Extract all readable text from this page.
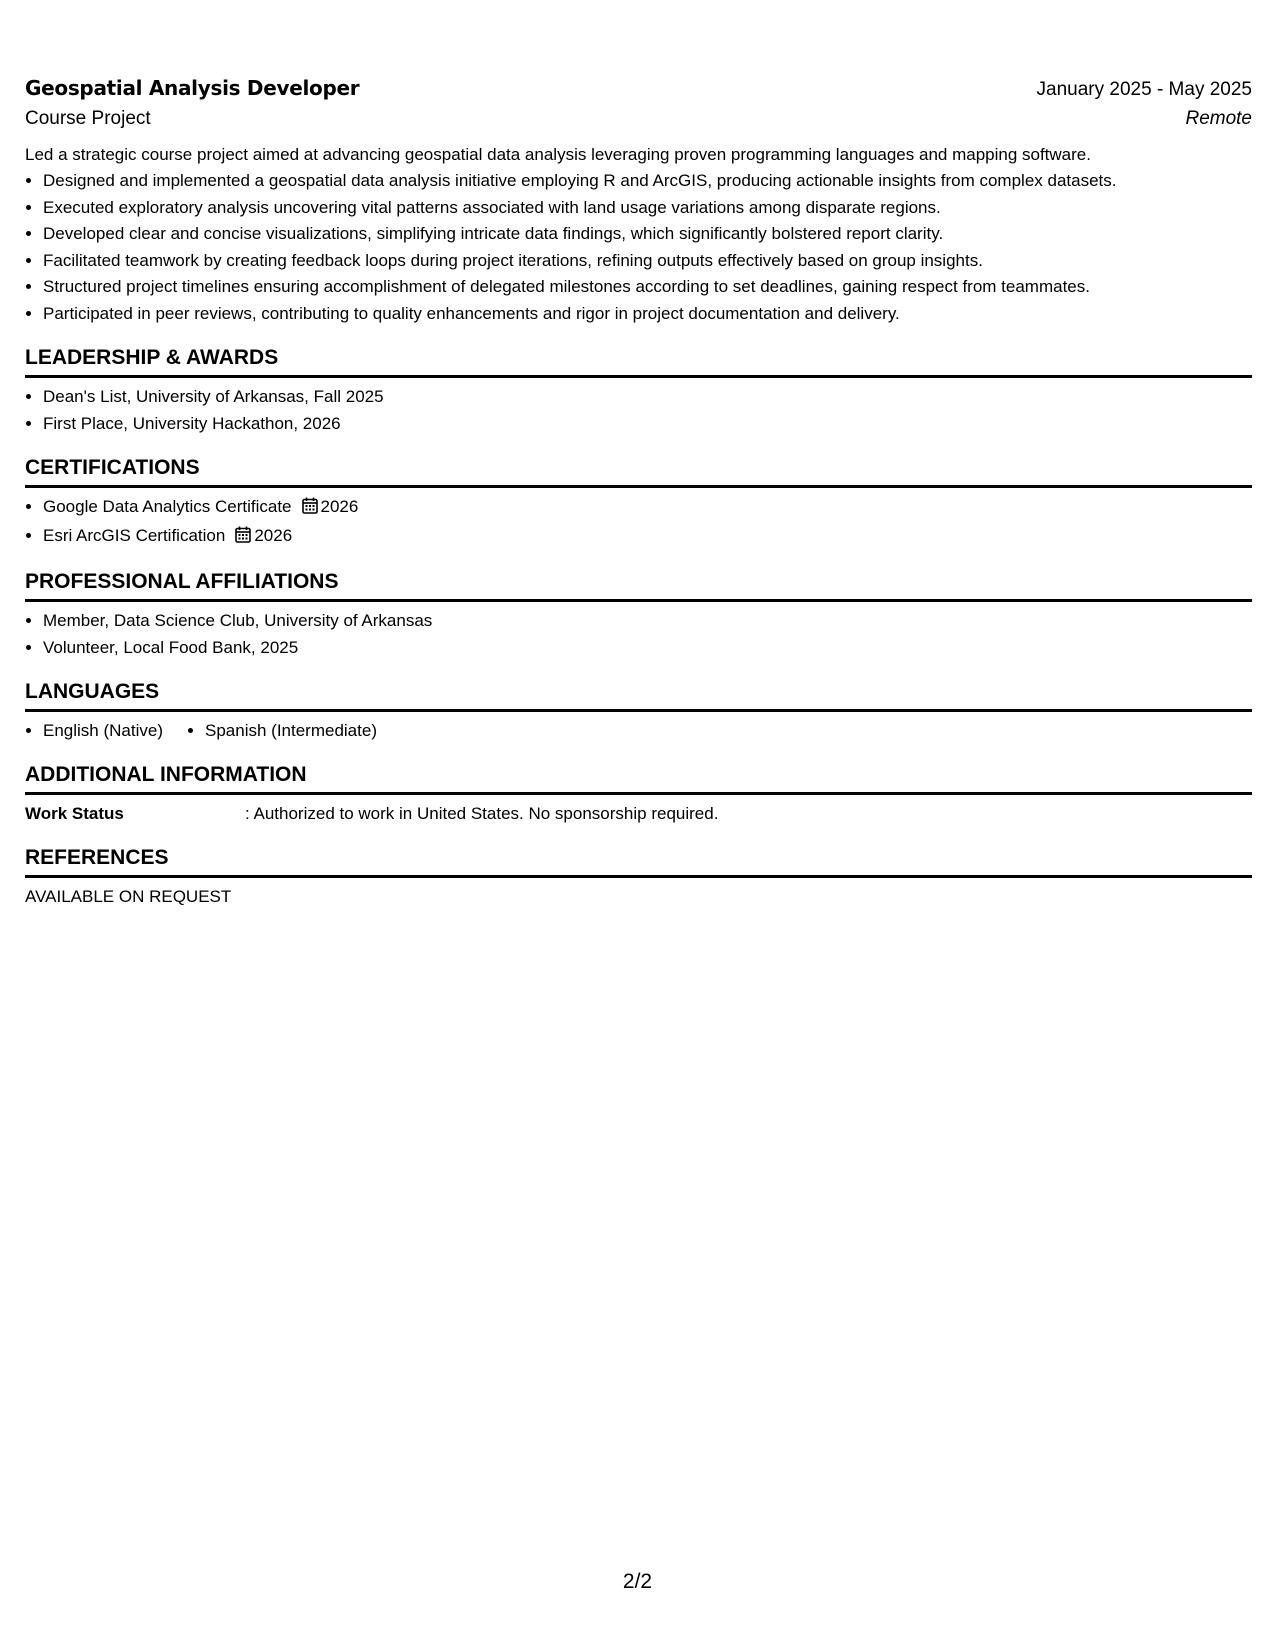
Geospatial Analysis Developer	January 2025 - May 2025
Course Project	Remote
Led a strategic course project aimed at advancing geospatial data analysis leveraging proven programming languages and mapping software.
• Designed and implemented a geospatial data analysis initiative employing R and ArcGIS, producing actionable insights from complex datasets.
• Executed exploratory analysis uncovering vital patterns associated with land usage variations among disparate regions.
• Developed clear and concise visualizations, simplifying intricate data findings, which significantly bolstered report clarity.
• Facilitated teamwork by creating feedback loops during project iterations, refining outputs effectively based on group insights.
• Structured project timelines ensuring accomplishment of delegated milestones according to set deadlines, gaining respect from teammates.
• Participated in peer reviews, contributing to quality enhancements and rigor in project documentation and delivery.
LEADERSHIP & AWARDS
• Dean's List, University of Arkansas, Fall 2025
• First Place, University Hackathon, 2026
CERTIFICATIONS
• Google Data Analytics Certificate 2026
• Esri ArcGIS Certification 2026
PROFESSIONAL AFFILIATIONS
• Member, Data Science Club, University of Arkansas
• Volunteer, Local Food Bank, 2025
LANGUAGES
• English (Native)
• Spanish (Intermediate)
ADDITIONAL INFORMATION
Work Status	: Authorized to work in United States. No sponsorship required.
REFERENCES
AVAILABLE ON REQUEST
2/2
